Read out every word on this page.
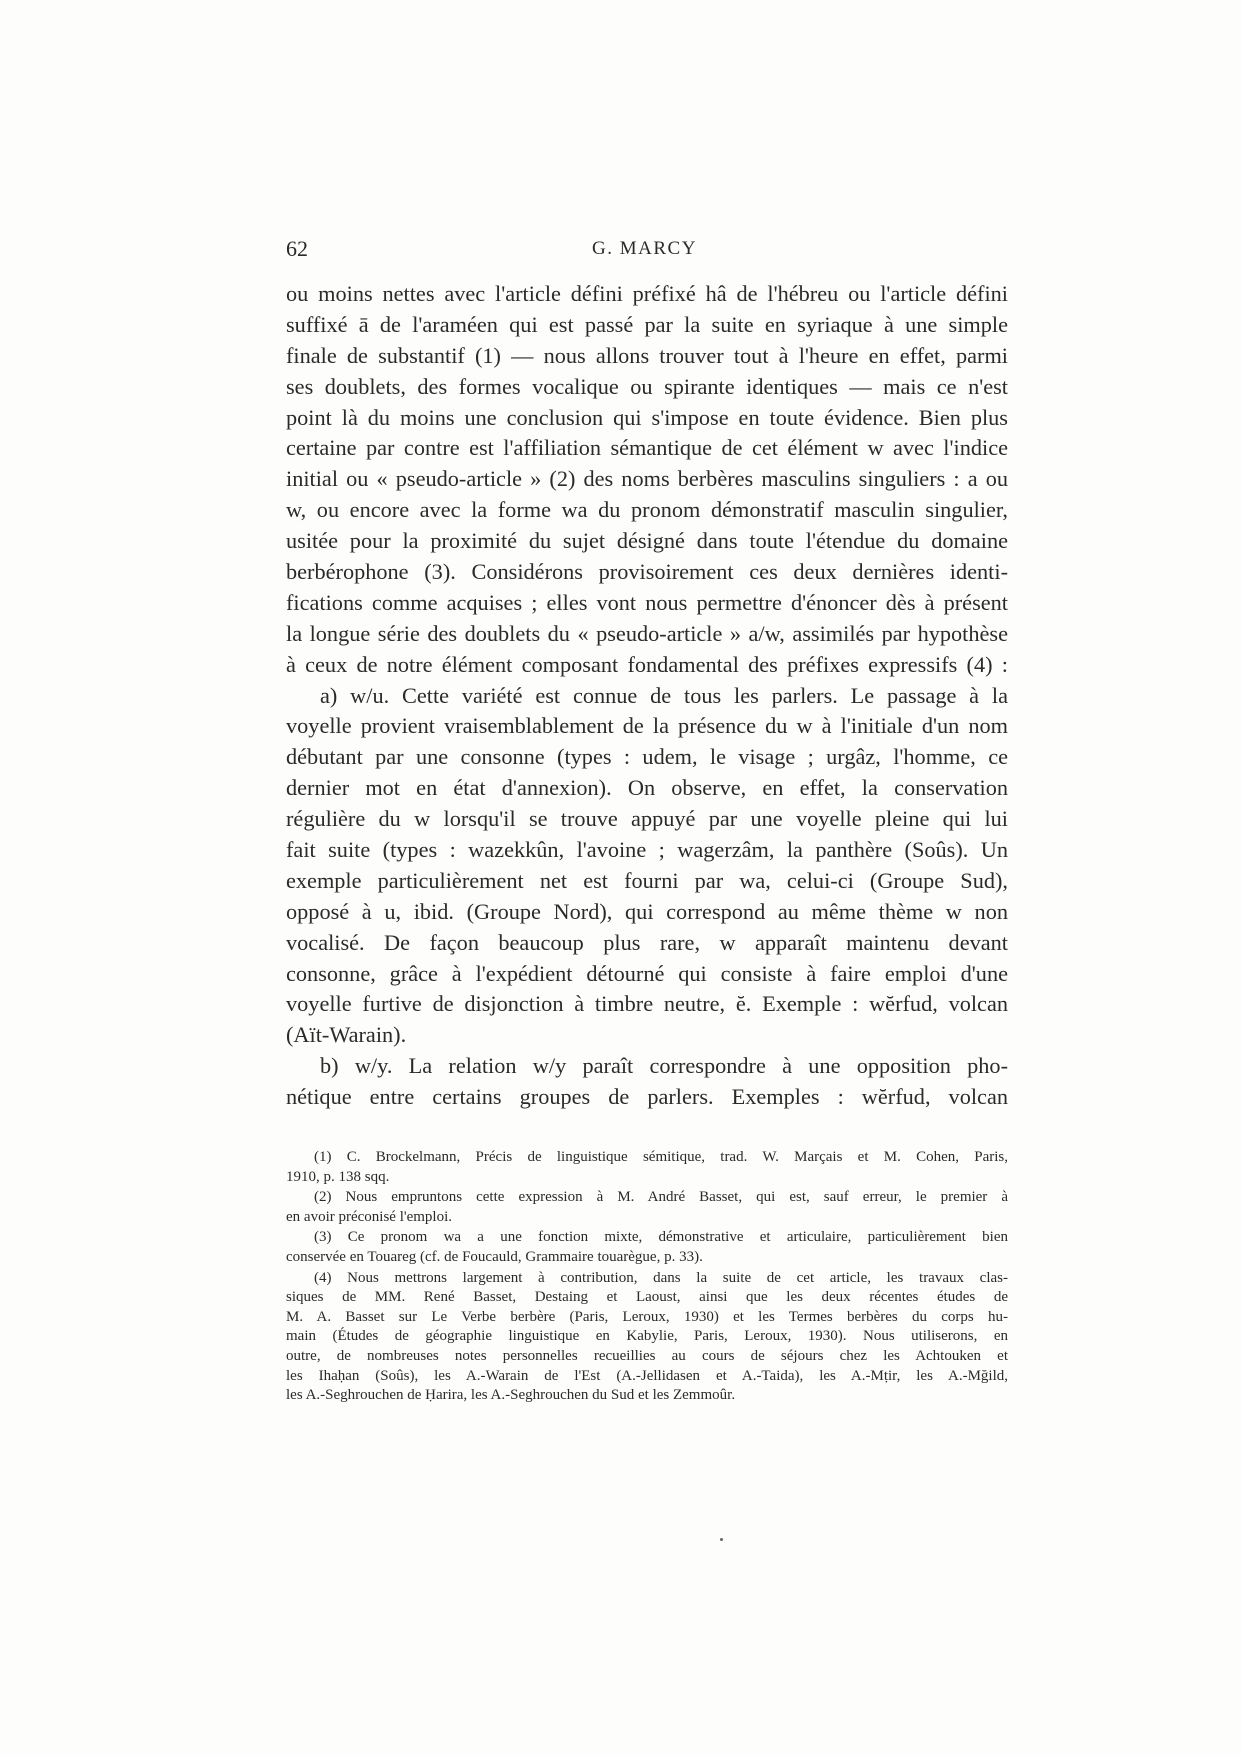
62	G. MARCY
ou moins nettes avec l'article défini préfixé hâ de l'hébreu ou l'article défini
suffixé ā de l'araméen qui est passé par la suite en syriaque à une simple
finale de substantif (1) — nous allons trouver tout à l'heure en effet, parmi
ses doublets, des formes vocalique ou spirante identiques — mais ce n'est
point là du moins une conclusion qui s'impose en toute évidence. Bien plus
certaine par contre est l'affiliation sémantique de cet élément w avec l'indice
initial ou « pseudo-article » (2) des noms berbères masculins singuliers : a ou
w, ou encore avec la forme wa du pronom démonstratif masculin singulier,
usitée pour la proximité du sujet désigné dans toute l'étendue du domaine
berbérophone (3). Considérons provisoirement ces deux dernières identi-
fications comme acquises ; elles vont nous permettre d'énoncer dès à présent
la longue série des doublets du « pseudo-article » a/w, assimilés par hypothèse
à ceux de notre élément composant fondamental des préfixes expressifs (4) :
a) w/u. Cette variété est connue de tous les parlers. Le passage à la
voyelle provient vraisemblablement de la présence du w à l'initiale d'un nom
débutant par une consonne (types : udem, le visage ; urgâz, l'homme, ce
dernier mot en état d'annexion). On observe, en effet, la conservation
régulière du w lorsqu'il se trouve appuyé par une voyelle pleine qui lui
fait suite (types : wazekkûn, l'avoine ; wagerzâm, la panthère (Soûs). Un
exemple particulièrement net est fourni par wa, celui-ci (Groupe Sud),
opposé à u, ibid. (Groupe Nord), qui correspond au même thème w non
vocalisé. De façon beaucoup plus rare, w apparaît maintenu devant
consonne, grâce à l'expédient détourné qui consiste à faire emploi d'une
voyelle furtive de disjonction à timbre neutre, ĕ. Exemple : wĕrfud, volcan
(Aït-Warain).
b) w/y. La relation w/y paraît correspondre à une opposition pho-
nétique entre certains groupes de parlers. Exemples : wĕrfud, volcan
(1) C. Brockelmann, Précis de linguistique sémitique, trad. W. Marçais et M. Cohen, Paris,
1910, p. 138 sqq.
(2) Nous empruntons cette expression à M. André Basset, qui est, sauf erreur, le premier à
en avoir préconisé l'emploi.
(3) Ce pronom wa a une fonction mixte, démonstrative et articulaire, particulièrement bien
conservée en Touareg (cf. de Foucauld, Grammaire touarègue, p. 33).
(4) Nous mettrons largement à contribution, dans la suite de cet article, les travaux clas-
siques de MM. René Basset, Destaing et Laoust, ainsi que les deux récentes études de
M. A. Basset sur Le Verbe berbère (Paris, Leroux, 1930) et les Termes berbères du corps hu-
main (Études de géographie linguistique en Kabylie, Paris, Leroux, 1930). Nous utiliserons, en
outre, de nombreuses notes personnelles recueillies au cours de séjours chez les Achtouken et
les Ihaḥan (Soûs), les A.-Warain de l'Est (A.-Jellidasen et A.-Taida), les A.-Mṭir, les A.-Mğild,
les A.-Seghrouchen de Ḥarira, les A.-Seghrouchen du Sud et les Zemmoûr.
